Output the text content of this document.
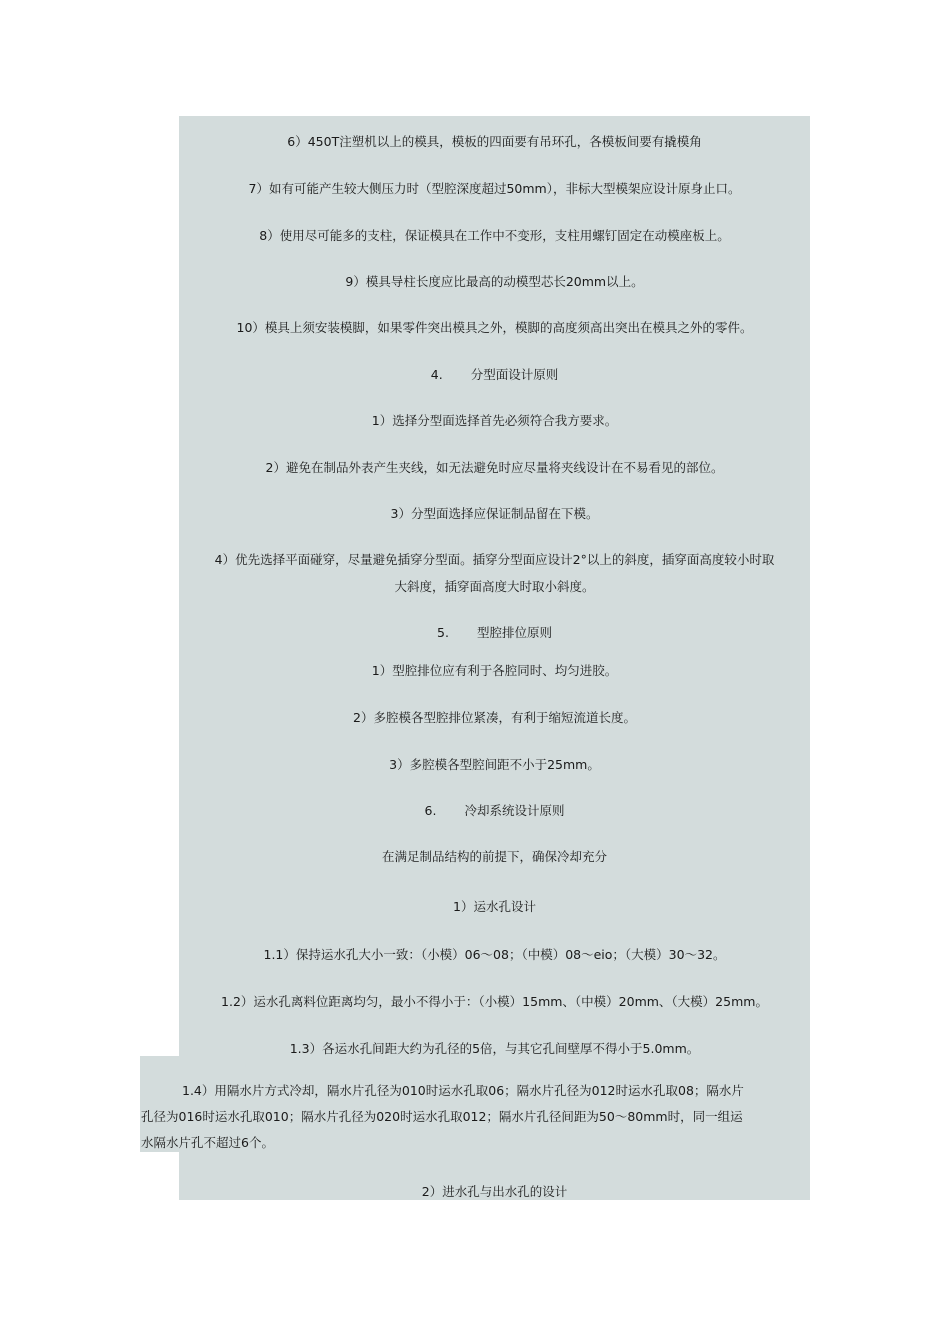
6）450T注塑机以上的模具，模板的四面要有吊环孔，各模板间要有撬模角
7）如有可能产生较大侧压力时（型腔深度超过50mm），非标大型模架应设计原身止口。
8）使用尽可能多的支柱，保证模具在工作中不变形，支柱用螺钉固定在动模座板上。
9）模具导柱长度应比最高的动模型芯长20mm以上。
10）模具上须安装模脚，如果零件突出模具之外，模脚的高度须高出突出在模具之外的零件。
4. 分型面设计原则
1）选择分型面选择首先必须符合我方要求。
2）避免在制品外表产生夹线，如无法避免时应尽量将夹线设计在不易看见的部位。
3）分型面选择应保证制品留在下模。
4）优先选择平面碰穿，尽量避免插穿分型面。插穿分型面应设计2°以上的斜度，插穿面高度较小时取
大斜度，插穿面高度大时取小斜度。
5. 型腔排位原则
1）型腔排位应有利于各腔同时、均匀进胶。
2）多腔模各型腔排位紧凑，有利于缩短流道长度。
3）多腔模各型腔间距不小于25mm。
6. 冷却系统设计原则
在满足制品结构的前提下，确保冷却充分
1）运水孔设计
1.1）保持运水孔大小一致：（小模）06〜08；（中模）08〜eio；（大模）30〜32。
1.2）运水孔离料位距离均匀，最小不得小于：（小模）15mm、（中模）20mm、（大模）25mm。
1.3）各运水孔间距大约为孔径的5倍，与其它孔间壁厚不得小于5.0mm。
1.4）用隔水片方式冷却，隔水片孔径为010时运水孔取06；隔水片孔径为012时运水孔取08；隔水片
孔径为016时运水孔取010；隔水片孔径为020时运水孔取012；隔水片孔径间距为50〜80mm时，同一组运
水隔水片孔不超过6个。
2）进水孔与出水孔的设计
